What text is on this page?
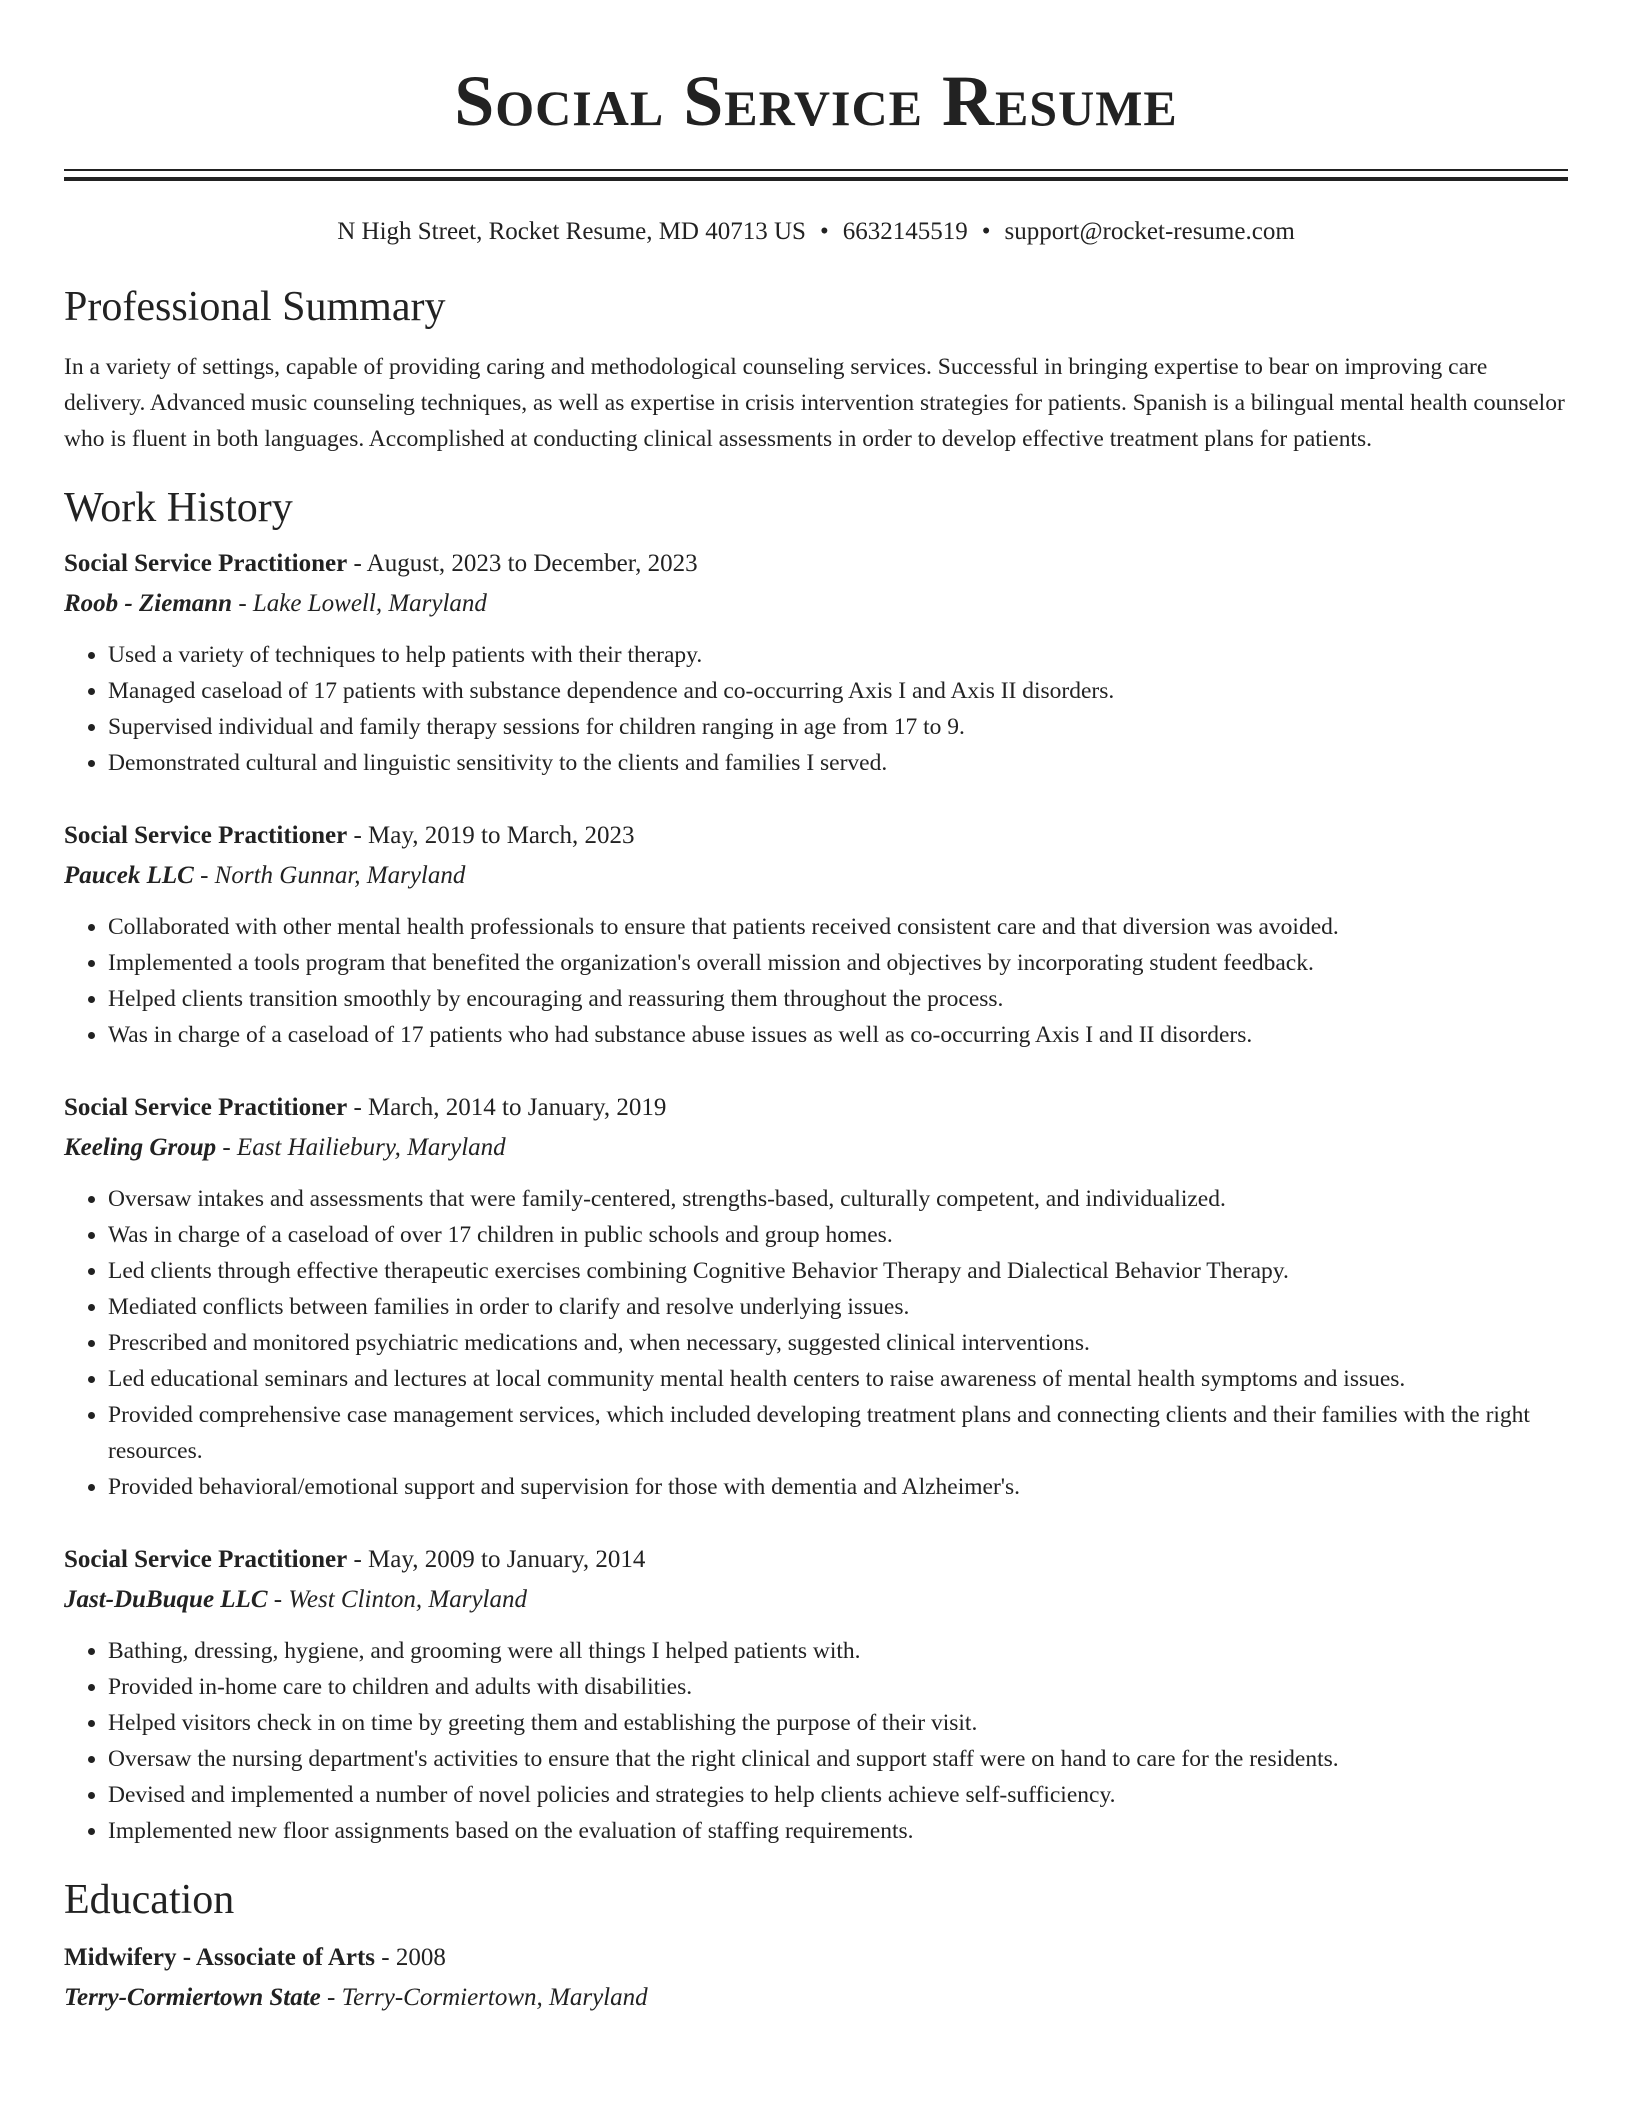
Social Service Resume
N High Street, Rocket Resume, MD 40713 US • 6632145519 • support@rocket-resume.com
Professional Summary

In a variety of settings, capable of providing caring and methodological counseling services. Successful in bringing expertise to bear on improving care delivery. Advanced music counseling techniques, as well as expertise in crisis intervention strategies for patients. Spanish is a bilingual mental health counselor who is fluent in both languages. Accomplished at conducting clinical assessments in order to develop effective treatment plans for patients.

Work History
Social Service Practitioner - August, 2023 to December, 2023
Roob - Ziemann - Lake Lowell, Maryland
• Used a variety of techniques to help patients with their therapy.
• Managed caseload of 17 patients with substance dependence and co-occurring Axis I and Axis II disorders.
• Supervised individual and family therapy sessions for children ranging in age from 17 to 9.
• Demonstrated cultural and linguistic sensitivity to the clients and families I served.
Social Service Practitioner - May, 2019 to March, 2023
Paucek LLC - North Gunnar, Maryland
• Collaborated with other mental health professionals to ensure that patients received consistent care and that diversion was avoided.
• Implemented a tools program that benefited the organization's overall mission and objectives by incorporating student feedback.
• Helped clients transition smoothly by encouraging and reassuring them throughout the process.
• Was in charge of a caseload of 17 patients who had substance abuse issues as well as co-occurring Axis I and II disorders.
Social Service Practitioner - March, 2014 to January, 2019
Keeling Group - East Hailiebury, Maryland
• Oversaw intakes and assessments that were family-centered, strengths-based, culturally competent, and individualized.
• Was in charge of a caseload of over 17 children in public schools and group homes.
• Led clients through effective therapeutic exercises combining Cognitive Behavior Therapy and Dialectical Behavior Therapy.
• Mediated conflicts between families in order to clarify and resolve underlying issues.
• Prescribed and monitored psychiatric medications and, when necessary, suggested clinical interventions.
• Led educational seminars and lectures at local community mental health centers to raise awareness of mental health symptoms and issues.
• Provided comprehensive case management services, which included developing treatment plans and connecting clients and their families with the right resources.
• Provided behavioral/emotional support and supervision for those with dementia and Alzheimer's.
Social Service Practitioner - May, 2009 to January, 2014
Jast-DuBuque LLC - West Clinton, Maryland
• Bathing, dressing, hygiene, and grooming were all things I helped patients with.
• Provided in-home care to children and adults with disabilities.
• Helped visitors check in on time by greeting them and establishing the purpose of their visit.
• Oversaw the nursing department's activities to ensure that the right clinical and support staff were on hand to care for the residents.
• Devised and implemented a number of novel policies and strategies to help clients achieve self-sufficiency.
• Implemented new floor assignments based on the evaluation of staffing requirements.
Education
Midwifery - Associate of Arts - 2008
Terry-Cormiertown State - Terry-Cormiertown, Maryland
